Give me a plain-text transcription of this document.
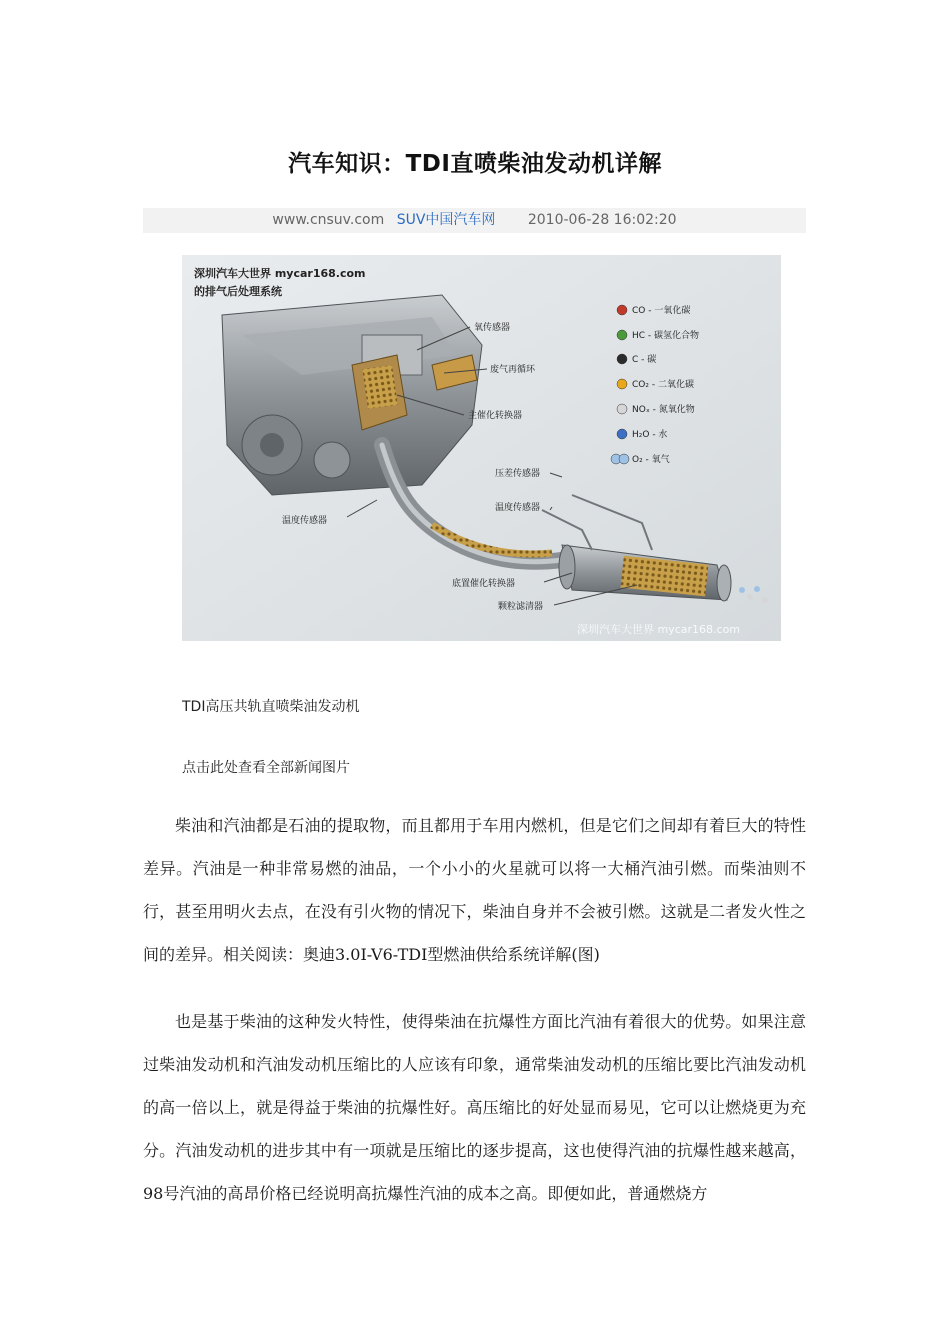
汽车知识：TDI直喷柴油发动机详解
www.cnsuv.com SUV中国汽车网 2010-06-28 16:02:20
深圳汽车大世界 mycar168.com
的排气后处理系统
氧传感器
废气再循环
主催化转换器
温度传感器
压差传感器
温度传感器
底置催化转换器
颗粒滤清器
CO - 一氧化碳
HC - 碳氢化合物
C - 碳
CO₂ - 二氧化碳
NOₓ - 氮氧化物
H₂O - 水
O₂ - 氧气
深圳汽车大世界 mycar168.com
TDI高压共轨直喷柴油发动机
点击此处查看全部新闻图片

柴油和汽油都是石油的提取物，而且都用于车用内燃机，但是它们之间却有着巨大的特性差异。汽油是一种非常易燃的油品，一个小小的火星就可以将一大桶汽油引燃。而柴油则不行，甚至用明火去点，在没有引火物的情况下，柴油自身并不会被引燃。这就是二者发火性之间的差异。相关阅读：奥迪3.0I-V6-TDI型燃油供给系统详解(图)

也是基于柴油的这种发火特性，使得柴油在抗爆性方面比汽油有着很大的优势。如果注意过柴油发动机和汽油发动机压缩比的人应该有印象，通常柴油发动机的压缩比要比汽油发动机的高一倍以上，就是得益于柴油的抗爆性好。高压缩比的好处显而易见，它可以让燃烧更为充分。汽油发动机的进步其中有一项就是压缩比的逐步提高，这也使得汽油的抗爆性越来越高，98号汽油的高昂价格已经说明高抗爆性汽油的成本之高。即便如此，普通燃烧方
